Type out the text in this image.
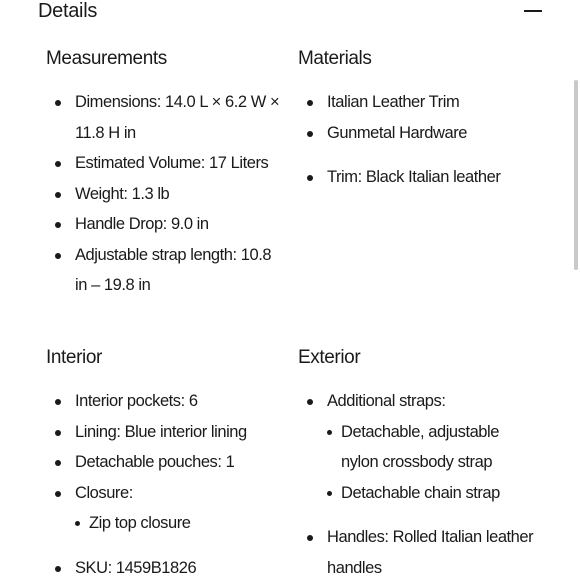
Details
Measurements
Dimensions: 14.0 L × 6.2 W × 11.8 H in
Estimated Volume: 17 Liters
Weight: 1.3 lb
Handle Drop: 9.0 in
Adjustable strap length: 10.8 in – 19.8 in
Materials
Italian Leather Trim
Gunmetal Hardware
Trim: Black Italian leather
Interior
Interior pockets: 6
Lining: Blue interior lining
Detachable pouches: 1
Closure:
Zip top closure
SKU: 1459B1826
Exterior
Additional straps:
Detachable, adjustable nylon crossbody strap
Detachable chain strap
Handles: Rolled Italian leather handles
